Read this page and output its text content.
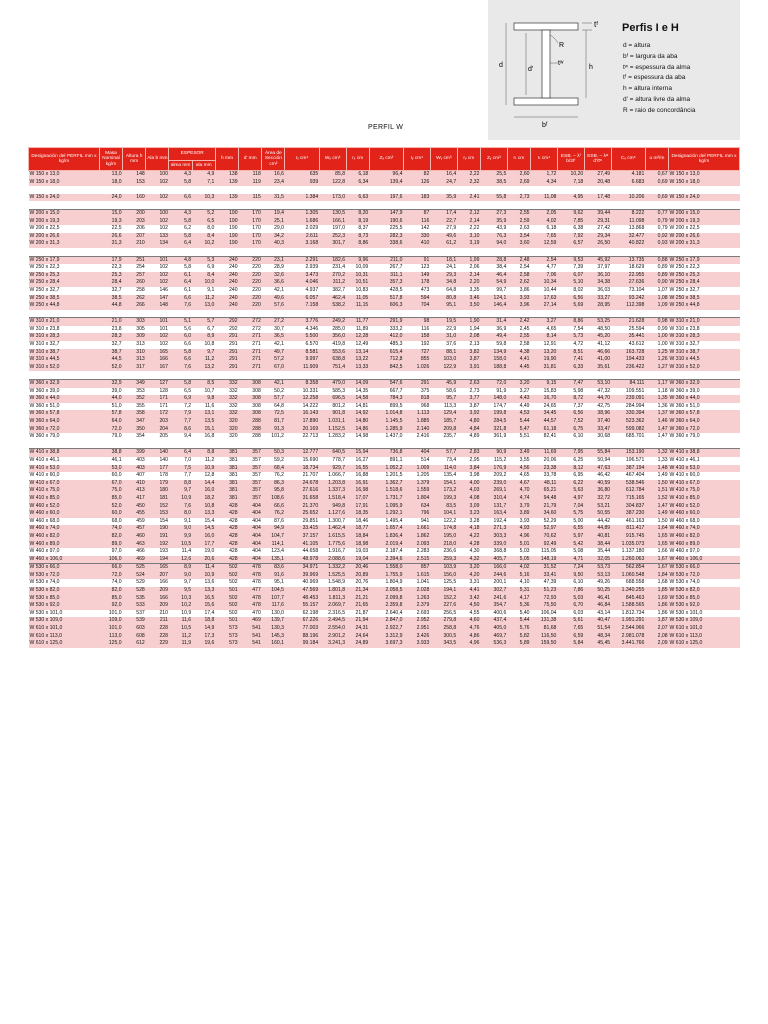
tᶠ
R
d
d'
tʷ
h
bᶠ
Perfis I e H
d = altura
bᶠ = largura da aba
tʷ = espessura da alma
tᶠ = espessura da aba
h = altura interna
d' = altura livre da alma
R = raio de concordância
PERFIL W
Designación del PERFIL mm x kg/m	Masa Nominal kg/m	Altura h mm	Ala b mm	ESPESOR		h mm	d' mm	Área de Sección cm²	Iₓ cm⁴	Wₓ cm³	rₓ cm	Zₓ cm³	Iᵧ cm⁴	Wᵧ cm³	rᵧ cm	Zᵧ cm³	rₜ cm	Iₜ cm⁴	ESB. – λᶠ b/2tᶠ	ESB. – λʷ d'/tʷ	Cᵥ cm⁶	u m²/m	Designación del PERFIL mm x kg/m
				alma mm	ala mm																		
W 150 x 13,0	13,0	148	100	4,3	4,9	138	118	16,6	635	85,8	6,18	96,4	82	16,4	2,22	25,5	2,60	1,72	10,20	27,49	4.181	0,67	W 150 x 13,0
W 150 x 18,0	18,0	153	102	5,8	7,1	139	119	23,4	939	122,8	6,34	139,4	126	24,7	2,32	38,5	2,69	4,34	7,18	20,48	6.683	0,69	W 150 x 18,0

W 150 x 24,0	24,0	160	102	6,6	10,3	139	115	31,5	1.384	173,0	6,63	197,6	183	35,9	2,41	55,8	2,73	11,08	4,95	17,48	10.206	0,69	W 150 x 24,0

W 200 x 15,0	15,0	200	100	4,3	5,2	190	170	19,4	1.305	130,5	8,20	147,9	87	17,4	2,12	27,3	2,55	2,05	9,62	39,44	8.222	0,77	W 200 x 15,0
W 200 x 19,3	19,3	203	102	5,8	6,5	190	170	25,1	1.686	166,1	8,19	190,6	116	22,7	2,14	35,9	2,59	4,02	7,85	29,31	11.098	0,79	W 200 x 19,3
W 200 x 22,5	22,5	206	102	6,2	8,0	190	170	29,0	2.029	197,0	8,37	225,5	142	27,9	2,22	43,9	2,63	6,18	6,38	27,42	13.868	0,79	W 200 x 22,5
W 200 x 26,6	26,6	207	133	5,8	8,4	190	170	34,2	2.611	252,3	8,73	282,3	330	49,6	3,10	76,3	3,54	7,65	7,92	29,34	32.477	0,92	W 200 x 26,6
W 200 x 31,3	31,3	210	134	6,4	10,2	190	170	40,3	3.168	301,7	8,86	338,6	410	61,2	3,19	94,0	3,60	12,59	6,57	26,50	40.822	0,93	W 200 x 31,3

W 250 x 17,9	17,9	251	101	4,8	5,3	240	220	23,1	2.291	182,6	9,96	211,0	91	18,1	1,99	28,8	2,48	2,54	9,53	45,92	13.735	0,88	W 250 x 17,9
W 250 x 22,3	22,3	254	102	5,8	6,9	240	220	28,9	2.939	231,4	10,09	267,7	123	24,1	2,06	38,4	2,54	4,77	7,39	37,97	18.629	0,89	W 250 x 22,3
W 250 x 25,3	25,3	257	102	6,1	8,4	240	220	32,6	3.473	270,2	10,31	311,1	149	29,3	2,14	46,4	2,58	7,06	6,07	36,10	22.955	0,89	W 250 x 25,3
W 250 x 28,4	28,4	260	102	6,4	10,0	240	220	36,6	4.046	311,2	10,51	357,3	178	34,8	2,20	54,9	2,62	10,34	5,10	34,38	27.636	0,90	W 250 x 28,4
W 250 x 32,7	32,7	258	146	6,1	9,1	240	220	42,1	4.937	382,7	10,83	428,5	473	64,8	3,35	99,7	3,86	10,44	8,02	36,03	73.104	1,07	W 250 x 32,7
W 250 x 38,5	38,5	262	147	6,6	11,2	240	220	49,6	6.057	462,4	11,05	517,8	594	80,8	3,46	124,1	3,93	17,63	6,56	33,27	93.242	1,08	W 250 x 38,5
W 250 x 44,8	44,8	266	148	7,6	13,0	240	220	57,6	7.158	538,2	11,15	606,3	704	95,1	3,50	146,4	3,96	27,14	5,69	28,95	112.398	1,09	W 250 x 44,8

W 310 x 21,0	21,0	303	101	5,1	5,7	292	272	27,2	3.776	249,2	11,77	291,9	98	19,5	1,90	31,4	2,42	3,27	8,86	53,25	21.628	0,98	W 310 x 21,0
W 310 x 23,8	23,8	305	101	5,6	6,7	292	272	30,7	4.346	285,0	11,89	333,2	116	22,9	1,94	36,9	2,45	4,65	7,54	48,50	25.594	0,99	W 310 x 23,8
W 310 x 28,3	28,3	309	102	6,0	8,9	291	271	36,5	5.500	356,0	12,28	412,0	158	31,0	2,08	49,4	2,55	8,14	5,73	45,20	35.441	1,00	W 310 x 28,3
W 310 x 32,7	32,7	313	102	6,6	10,8	291	271	42,1	6.570	419,8	12,49	485,3	192	37,6	2,13	59,8	2,58	12,91	4,72	41,12	43.612	1,00	W 310 x 32,7
W 310 x 38,7	38,7	310	165	5,8	9,7	291	271	49,7	8.581	553,6	13,14	615,4	727	88,1	3,82	134,9	4,38	13,20	8,51	46,66	163.728	1,25	W 310 x 38,7
W 310 x 44,5	44,5	313	166	6,6	11,2	291	271	57,2	9.997	638,8	13,22	712,8	855	103,0	3,87	158,0	4,41	19,90	7,41	41,00	194.433	1,26	W 310 x 44,5
W 310 x 52,0	52,0	317	167	7,6	13,2	291	271	67,0	11.909	751,4	13,33	842,5	1.026	122,9	3,91	188,8	4,45	31,81	6,33	35,61	236.422	1,27	W 310 x 52,0

W 360 x 32,9	32,9	349	127	5,8	8,5	332	308	42,1	8.358	479,0	14,09	547,6	291	45,9	2,63	72,0	3,20	9,15	7,47	53,10	84.111	1,17	W 360 x 32,9
W 360 x 39,0	39,0	353	128	6,5	10,7	332	308	50,2	10.331	585,3	14,35	667,7	375	58,6	2,73	91,9	3,27	15,83	5,98	47,32	109.551	1,18	W 360 x 39,0
W 360 x 44,0	44,0	352	171	6,9	9,8	332	308	57,7	12.258	696,5	14,58	784,3	818	95,7	3,77	148,0	4,43	16,70	8,72	44,70	239.091	1,35	W 360 x 44,0
W 360 x 51,0	51,0	355	171	7,2	11,6	332	308	64,8	14.222	801,2	14,81	899,5	968	113,3	3,87	174,7	4,49	24,65	7,37	42,75	284.994	1,36	W 360 x 51,0
W 360 x 57,8	57,8	358	172	7,9	13,1	332	308	72,5	16.143	901,8	14,92	1.014,8	1.113	129,4	3,92	199,8	4,53	34,45	6,56	38,96	330.394	1,37	W 360 x 57,8
W 360 x 64,0	64,0	347	203	7,7	13,5	320	288	81,7	17.890	1.031,1	14,80	1.145,5	1.885	185,7	4,80	284,5	5,44	44,57	7,52	37,40	523.362	1,46	W 360 x 64,0
W 360 x 72,0	72,0	350	204	8,6	15,1	320	288	91,3	20.169	1.152,5	14,86	1.285,9	2.140	209,8	4,84	321,8	5,47	61,18	6,75	33,47	599.082	1,47	W 360 x 72,0
W 360 x 79,0	79,0	354	205	9,4	16,8	320	288	101,2	22.713	1.283,2	14,98	1.437,0	2.416	235,7	4,89	361,9	5,51	82,41	6,10	30,68	685.701	1,47	W 360 x 79,0

W 410 x 38,8	38,8	399	140	6,4	8,8	381	357	50,3	12.777	640,5	15,94	736,8	404	57,7	2,83	90,9	3,49	11,69	7,95	55,84	153.190	1,32	W 410 x 38,8
W 410 x 46,1	46,1	403	140	7,0	11,2	381	357	59,2	15.690	778,7	16,27	891,1	514	73,4	2,95	115,2	3,55	20,06	6,25	50,94	196.571	1,33	W 410 x 46,1
W 410 x 53,0	53,0	403	177	7,5	10,9	381	357	68,4	18.734	929,7	16,55	1.052,2	1.009	114,0	3,84	176,9	4,56	23,38	8,12	47,63	387.194	1,48	W 410 x 53,0
W 410 x 60,0	60,0	407	178	7,7	12,8	381	357	76,2	21.707	1.066,7	16,88	1.201,5	1.205	135,4	3,98	209,2	4,65	33,78	6,95	46,42	467.404	1,49	W 410 x 60,0
W 410 x 67,0	67,0	410	179	8,8	14,4	381	357	86,3	24.678	1.203,8	16,91	1.362,7	1.379	154,1	4,00	239,0	4,67	48,11	6,22	40,59	538.546	1,50	W 410 x 67,0
W 410 x 75,0	75,0	413	180	9,7	16,0	381	357	95,8	27.616	1.337,3	16,98	1.518,6	1.559	173,2	4,03	269,1	4,70	65,21	5,63	36,80	612.784	1,51	W 410 x 75,0
W 410 x 85,0	85,0	417	181	10,9	18,2	381	357	108,6	31.658	1.518,4	17,07	1.731,7	1.804	199,3	4,08	310,4	4,74	94,48	4,97	32,72	715.165	1,52	W 410 x 85,0
W 460 x 52,0	52,0	450	152	7,6	10,8	428	404	66,6	21.370	949,8	17,91	1.095,9	634	83,5	3,09	131,7	3,79	21,79	7,04	53,21	304.837	1,47	W 460 x 52,0
W 460 x 60,0	60,0	455	153	8,0	13,3	428	404	76,2	25.652	1.127,6	18,35	1.292,1	796	104,1	3,23	163,4	3,89	34,60	5,75	50,55	387.230	1,49	W 460 x 60,0
W 460 x 68,0	68,0	459	154	9,1	15,4	428	404	87,6	29.851	1.300,7	18,46	1.495,4	941	122,2	3,28	192,4	3,93	52,29	5,00	44,42	461.163	1,50	W 460 x 68,0
W 460 x 74,0	74,0	457	190	9,0	14,5	428	404	94,9	33.415	1.462,4	18,77	1.657,4	1.661	174,8	4,18	271,3	4,93	52,97	6,55	44,89	811.417	1,64	W 460 x 74,0
W 460 x 82,0	82,0	460	191	9,9	16,0	428	404	104,7	37.157	1.615,5	18,84	1.836,4	1.862	195,0	4,22	303,3	4,96	70,62	5,97	40,81	915.745	1,65	W 460 x 82,0
W 460 x 89,0	89,0	463	192	10,5	17,7	428	404	114,1	41.105	1.775,6	18,98	2.019,4	2.093	218,0	4,28	339,0	5,01	92,49	5,42	38,44	1.035.073	1,65	W 460 x 89,0
W 460 x 97,0	97,0	466	193	11,4	19,0	428	404	123,4	44.658	1.916,7	19,03	2.187,4	2.283	236,6	4,30	368,8	5,03	115,05	5,08	35,44	1.137.180	1,66	W 460 x 97,0
W 460 x 106,0	106,0	469	194	12,6	20,6	428	404	135,1	48.978	2.088,6	19,04	2.394,6	2.515	259,3	4,32	405,7	5,05	148,19	4,71	32,05	1.260.063	1,67	W 460 x 106,0
W 530 x 66,0	66,0	525	165	8,9	11,4	502	478	83,6	34.971	1.332,2	20,46	1.558,0	857	103,9	3,20	166,0	4,02	31,52	7,24	53,73	562.854	1,67	W 530 x 66,0
W 530 x 72,0	72,0	524	207	9,0	10,9	502	478	91,6	39.969	1.525,5	20,89	1.755,9	1.615	156,0	4,20	244,6	5,16	33,41	9,50	53,13	1.060.548	1,84	W 530 x 72,0
W 530 x 74,0	74,0	529	166	9,7	13,6	502	478	95,1	40.969	1.548,9	20,76	1.804,9	1.041	125,5	3,31	200,1	4,10	47,39	6,10	49,26	688.558	1,68	W 530 x 74,0
W 530 x 82,0	82,0	528	209	9,5	13,3	501	477	104,5	47.569	1.801,8	21,34	2.058,5	2.028	194,1	4,41	302,7	5,31	51,23	7,86	50,25	1.340.255	1,85	W 530 x 82,0
W 530 x 85,0	85,0	535	166	10,3	16,5	502	478	107,7	48.453	1.811,3	21,21	2.099,8	1.263	152,2	3,42	241,6	4,17	72,93	5,03	46,41	845.463	1,69	W 530 x 85,0
W 530 x 92,0	92,0	533	209	10,2	15,6	502	478	117,6	55.157	2.069,7	21,65	2.359,8	2.379	227,6	4,50	354,7	5,36	75,50	6,70	46,84	1.588.565	1,86	W 530 x 92,0
W 530 x 101,0	101,0	537	210	10,9	17,4	502	470	130,0	62.198	2.316,5	21,87	2.640,4	2.693	256,5	4,55	400,6	5,40	106,04	6,03	43,14	1.812.734	1,86	W 530 x 101,0
W 530 x 109,0	109,0	539	211	11,6	18,8	501	469	139,7	67.226	2.494,5	21,94	2.847,0	2.952	279,8	4,60	437,4	5,44	131,38	5,61	40,47	1.991.291	1,87	W 530 x 109,0
W 610 x 101,0	101,0	603	228	10,5	14,9	573	541	130,3	77.003	2.554,0	24,31	2.922,7	2.951	258,8	4,76	405,0	5,76	81,68	7,65	51,54	2.544.966	2,07	W 610 x 101,0
W 610 x 113,0	113,0	608	228	11,2	17,3	573	541	145,3	88.196	2.901,2	24,64	3.312,9	3.426	300,5	4,86	469,7	5,82	116,50	6,59	48,34	2.981.078	2,08	W 610 x 113,0
W 610 x 125,0	125,0	612	229	11,9	19,6	573	541	160,1	99.184	3.241,3	24,89	3.697,3	3.933	343,5	4,96	536,3	5,89	159,50	5,84	45,45	3.441.766	2,09	W 610 x 125,0
